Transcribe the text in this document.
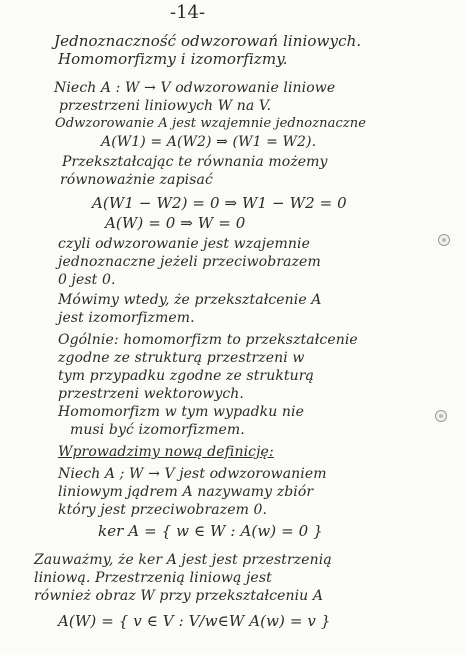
-14-
Jednoznaczność odwzorowań liniowych.
Homomorfizmy i izomorfizmy.
Niech A : W → V odwzorowanie liniowe
przestrzeni liniowych W na V.
Odwzorowanie A jest wzajemnie jednoznaczne
A(W1) = A(W2) ⇒ (W1 = W2).
Przekształcając te równania możemy
równoważnie zapisać
A(W1 − W2) = 0 ⇒ W1 − W2 = 0
A(W) = 0 ⇒ W = 0
czyli odwzorowanie jest wzajemnie
jednoznaczne jeżeli przeciwobrazem
0 jest 0.
Mówimy wtedy, że przekształcenie A
jest izomorfizmem.
Ogólnie: homomorfizm to przekształcenie
zgodne ze strukturą przestrzeni w
tym przypadku zgodne ze strukturą
przestrzeni wektorowych.
Homomorfizm w tym wypadku nie
musi być izomorfizmem.
Wprowadzimy nową definicję:
Niech A ; W → V jest odwzorowaniem
liniowym jądrem A nazywamy zbiór
który jest przeciwobrazem 0.
ker A = { w ∈ W : A(w) = 0 }
Zauważmy, że ker A jest jest przestrzenią
liniową. Przestrzenią liniową jest
również obraz W przy przekształceniu A
A(W) = { v ∈ V : V/w∈W A(w) = v }
